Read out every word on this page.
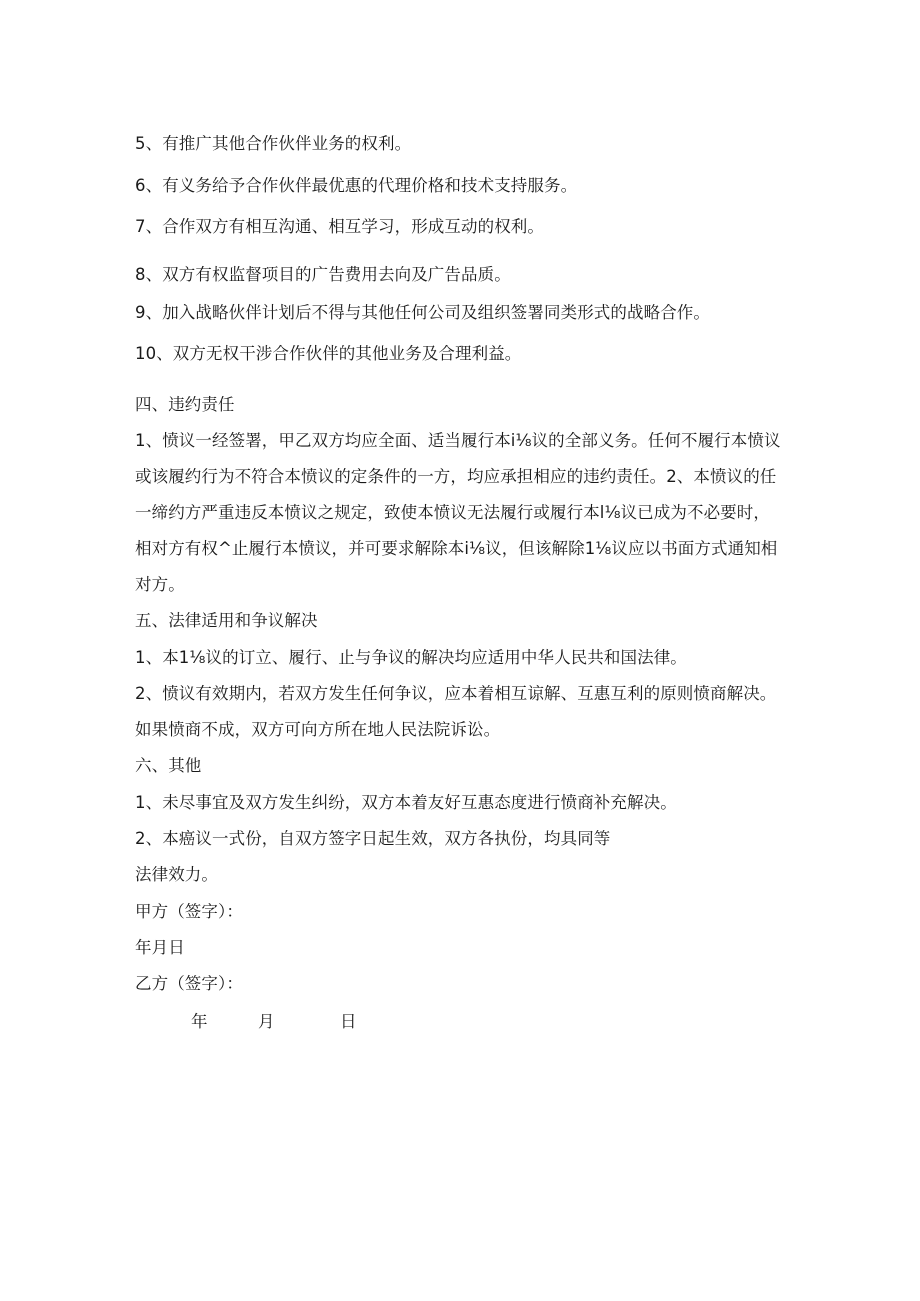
5、有推广其他合作伙伴业务的权利。
6、有义务给予合作伙伴最优惠的代理价格和技术支持服务。
7、合作双方有相互沟通、相互学习，形成互动的权利。
8、双方有权监督项目的广告费用去向及广告品质。
9、加入战略伙伴计划后不得与其他任何公司及组织签署同类形式的战略合作。
10、双方无权干涉合作伙伴的其他业务及合理利益。
四、违约责任
1、愤议一经签署，甲乙双方均应全面、适当履行本i⅛议的全部义务。任何不履行本愤议
或该履约行为不符合本愤议的定条件的一方，均应承担相应的违约责任。2、本愤议的任
一缔约方严重违反本愤议之规定，致使本愤议无法履行或履行本l⅛议已成为不必要时，
相对方有权^止履行本愤议，并可要求解除本i⅛议，但该解除1⅛议应以书面方式通知相
对方。
五、法律适用和争议解决
1、本1⅛议的订立、履行、止与争议的解决均应适用中华人民共和国法律。
2、愤议有效期内，若双方发生任何争议，应本着相互谅解、互惠互利的原则愤商解决。
如果愤商不成，双方可向方所在地人民法院诉讼。
六、其他
1、未尽事宜及双方发生纠纷，双方本着友好互惠态度进行愤商补充解决。
2、本癌议一式份，自双方签字日起生效，双方各执份，均具同等
法律效力。
甲方（签字）：
年月日
乙方（签字）：
年	月	日
